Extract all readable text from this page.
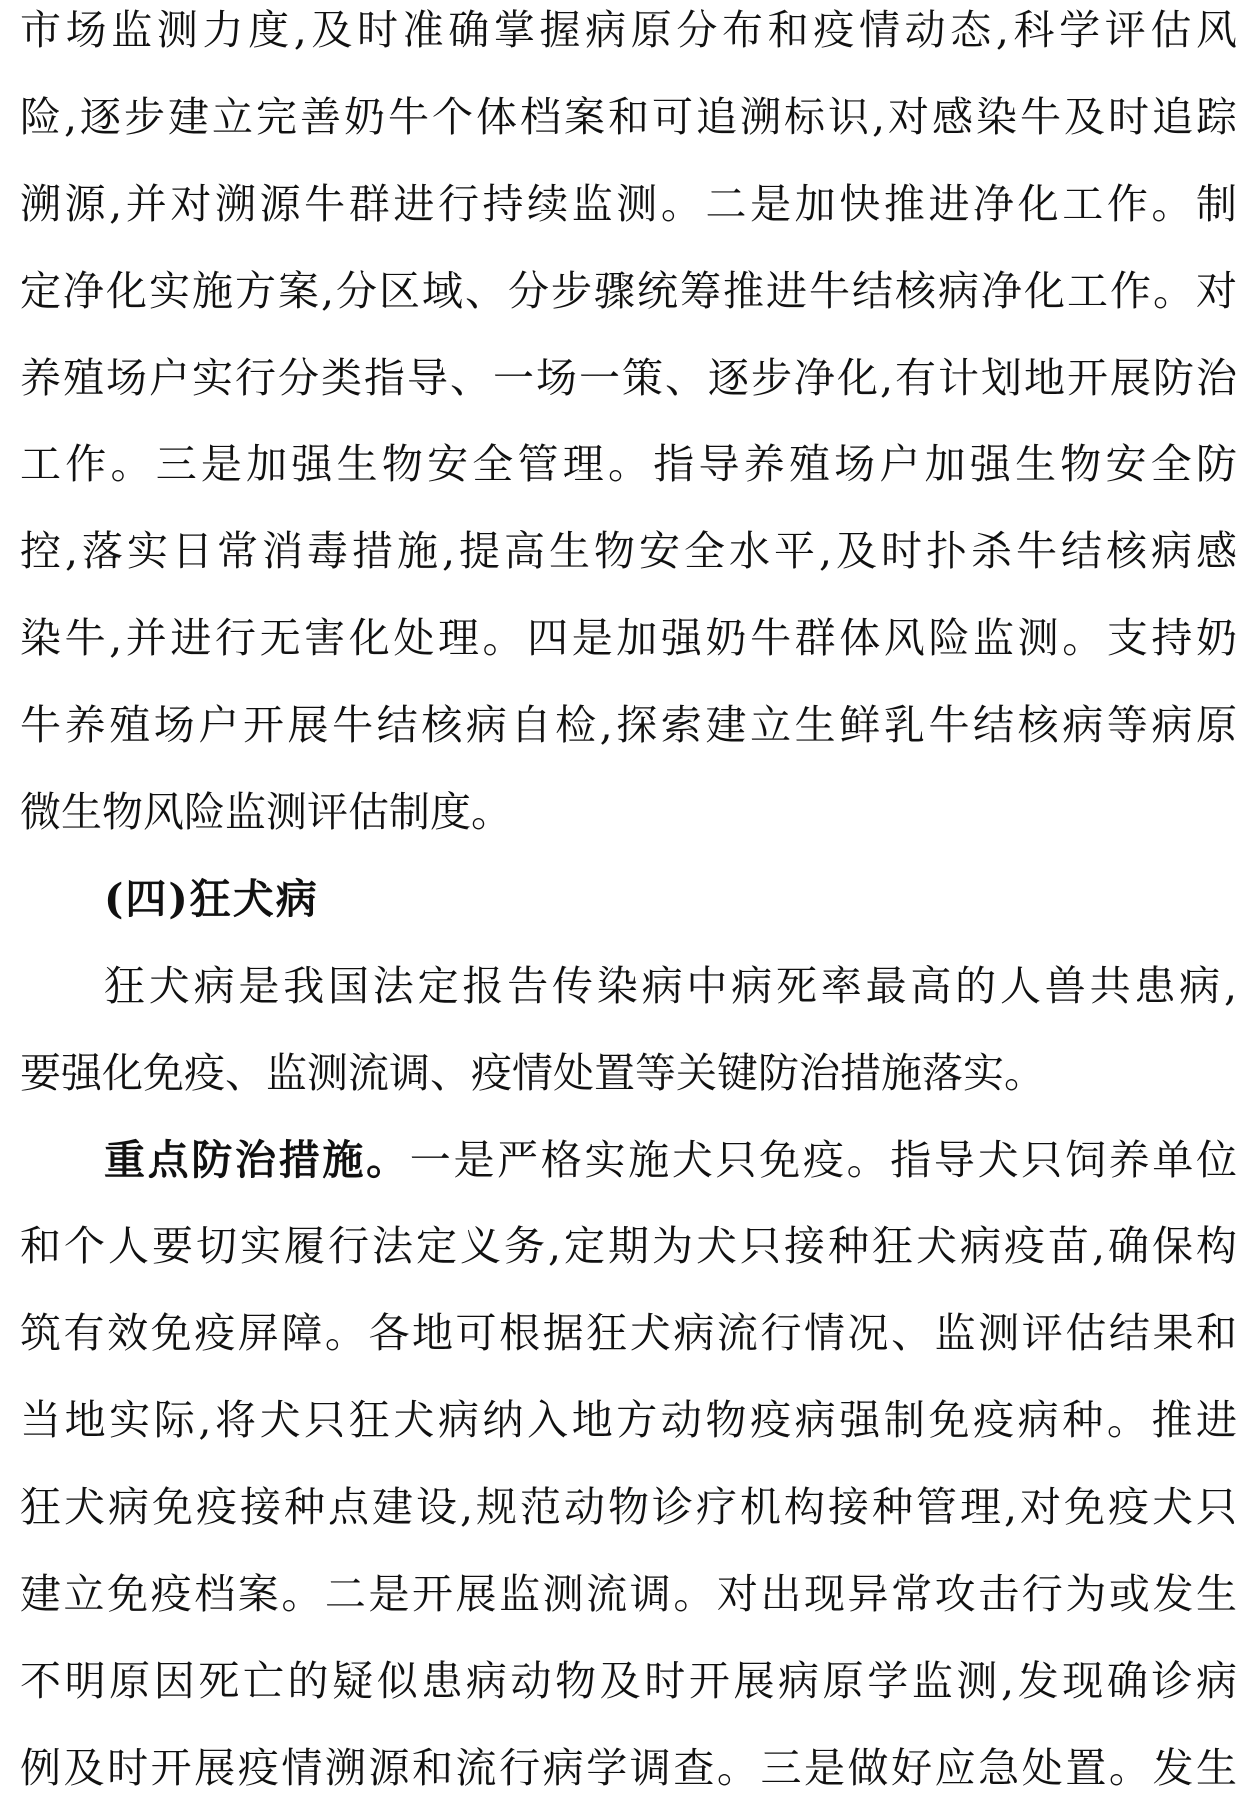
市场监测力度,及时准确掌握病原分布和疫情动态,科学评估风
险,逐步建立完善奶牛个体档案和可追溯标识,对感染牛及时追踪
溯源,并对溯源牛群进行持续监测。二是加快推进净化工作。制
定净化实施方案,分区域、分步骤统筹推进牛结核病净化工作。对
养殖场户实行分类指导、一场一策、逐步净化,有计划地开展防治
工作。三是加强生物安全管理。指导养殖场户加强生物安全防
控,落实日常消毒措施,提高生物安全水平,及时扑杀牛结核病感
染牛,并进行无害化处理。四是加强奶牛群体风险监测。支持奶
牛养殖场户开展牛结核病自检,探索建立生鲜乳牛结核病等病原
微生物风险监测评估制度。
(四)狂犬病
狂犬病是我国法定报告传染病中病死率最高的人兽共患病,
要强化免疫、监测流调、疫情处置等关键防治措施落实。
重点防治措施。一是严格实施犬只免疫。指导犬只饲养单位
和个人要切实履行法定义务,定期为犬只接种狂犬病疫苗,确保构
筑有效免疫屏障。各地可根据狂犬病流行情况、监测评估结果和
当地实际,将犬只狂犬病纳入地方动物疫病强制免疫病种。推进
狂犬病免疫接种点建设,规范动物诊疗机构接种管理,对免疫犬只
建立免疫档案。二是开展监测流调。对出现异常攻击行为或发生
不明原因死亡的疑似患病动物及时开展病原学监测,发现确诊病
例及时开展疫情溯源和流行病学调查。三是做好应急处置。发生
